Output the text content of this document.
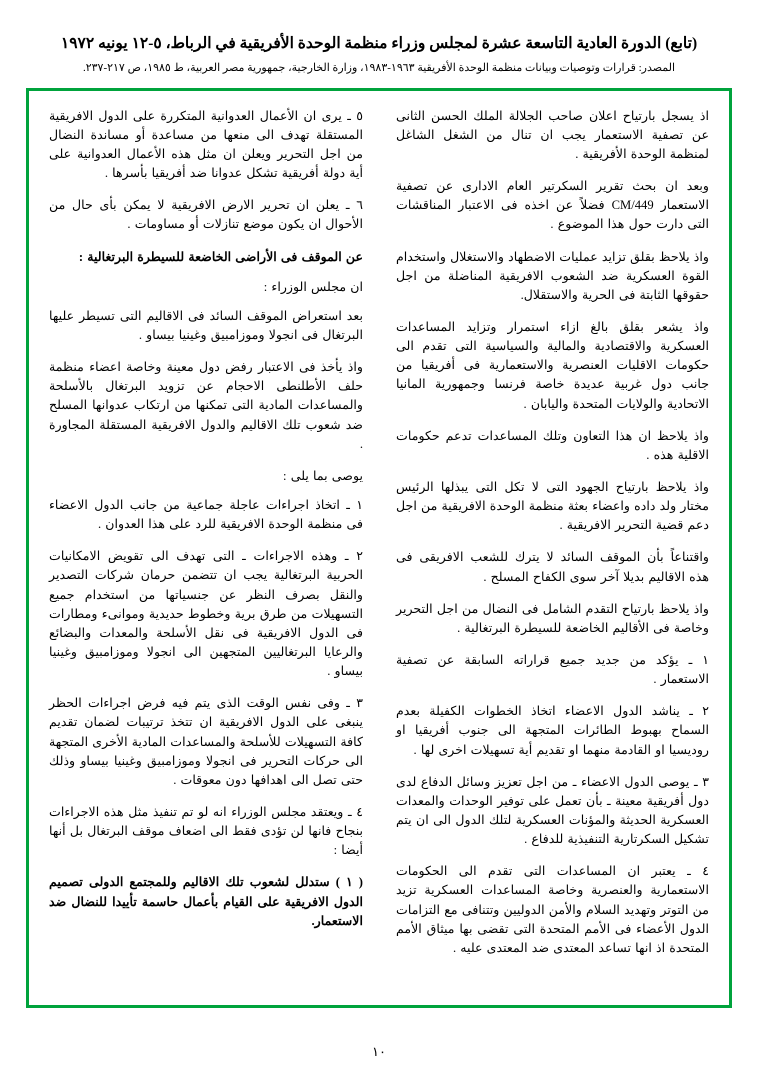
(تابع) الدورة العادية التاسعة عشرة لمجلس وزراء منظمة الوحدة الأفريقية في الرباط، ٥-١٢ يونيه ١٩٧٢
المصدر: قرارات وتوصيات وبيانات منظمة الوحدة الأفريقية ١٩٦٣-١٩٨٣، وزارة الخارجية، جمهورية مصر العربية، ط ١٩٨٥، ص ٢١٧-٢٣٧.

اذ يسجل بارتياح اعلان صاحب الجلالة الملك الحسن الثانى عن تصفية الاستعمار يجب ان تنال من الشغل الشاغل لمنظمة الوحدة الأفريقية .

وبعد ان بحث تقرير السكرتير العام الادارى عن تصفية الاستعمار CM/449 فضلاً عن اخذه فى الاعتبار المناقشات التى دارت حول هذا الموضوع .

واذ يلاحظ بقلق تزايد عمليات الاضطهاد والاستغلال واستخدام القوة العسكرية ضد الشعوب الافريقية المناضلة من اجل حقوقها الثابتة فى الحرية والاستقلال.

واذ يشعر بقلق بالغ ازاء استمرار وتزايد المساعدات العسكرية والاقتصادية والمالية والسياسية التى تقدم الى حكومات الاقليات العنصرية والاستعمارية فى أفريقيا من جانب دول غربية عديدة خاصة فرنسا وجمهورية المانيا الاتحادية والولايات المتحدة واليابان .

واذ يلاحظ ان هذا التعاون وتلك المساعدات تدعم حكومات الاقلية هذه .

واذ يلاحظ بارتياح الجهود التى لا تكل التى يبذلها الرئيس مختار ولد داده واعضاء بعثة منظمة الوحدة الافريقية من اجل دعم قضية التحرير الافريقية .

واقتناعاً بأن الموقف السائد لا يترك للشعب الافريقى فى هذه الاقاليم بديلا آخر سوى الكفاح المسلح .

واذ يلاحظ بارتياح التقدم الشامل فى النضال من اجل التحرير وخاصة فى الأقاليم الخاضعة للسيطرة البرتغالية .

١ ـ يؤكد من جديد جميع قراراته السابقة عن تصفية الاستعمار .

٢ ـ يناشد الدول الاعضاء اتخاذ الخطوات الكفيلة بعدم السماح بهبوط الطائرات المتجهة الى جنوب أفريقيا او روديسيا او القادمة منهما او تقديم أية تسهيلات اخرى لها .

٣ ـ يوصى الدول الاعضاء ـ من اجل تعزيز وسائل الدفاع لدى دول أفريقية معينة ـ بأن تعمل على توفير الوحدات والمعدات العسكرية الحديثة والمؤنات العسكرية لتلك الدول الى ان يتم تشكيل السكرتارية التنفيذية للدفاع .

٤ ـ يعتبر ان المساعدات التى تقدم الى الحكومات الاستعمارية والعنصرية وخاصة المساعدات العسكرية تزيد من التوتر وتهديد السلام والأمن الدوليين وتتنافى مع التزامات الدول الأعضاء فى الأمم المتحدة التى تقضى بها ميثاق الأمم المتحدة اذ انها تساعد المعتدى ضد المعتدى عليه .

٥ ـ يرى ان الأعمال العدوانية المتكررة على الدول الافريقية المستقلة تهدف الى منعها من مساعدة أو مساندة النضال من اجل التحرير ويعلن ان مثل هذه الأعمال العدوانية على أية دولة أفريقية تشكل عدوانا ضد أفريقيا بأسرها .

٦ ـ يعلن ان تحرير الارض الافريقية لا يمكن بأى حال من الأحوال ان يكون موضع تنازلات أو مساومات .

عن الموقف فى الأراضى الخاضعة للسيطرة البرتغالية :

ان مجلس الوزراء :

بعد استعراض الموقف السائد فى الاقاليم التى تسيطر عليها البرتغال فى انجولا وموزامبيق وغينيا بيساو .

واذ يأخذ فى الاعتبار رفض دول معينة وخاصة اعضاء منظمة حلف الأطلنطى الاحجام عن تزويد البرتغال بالأسلحة والمساعدات المادية التى تمكنها من ارتكاب عدوانها المسلح ضد شعوب تلك الاقاليم والدول الافريقية المستقلة المجاورة .

يوصى بما يلى :

١ ـ اتخاذ اجراءات عاجلة جماعية من جانب الدول الاعضاء فى منظمة الوحدة الافريقية للرد على هذا العدوان .

٢ ـ وهذه الاجراءات ـ التى تهدف الى تقويض الامكانيات الحربية البرتغالية يجب ان تتضمن حرمان شركات التصدير والنقل بصرف النظر عن جنسياتها من استخدام جميع التسهيلات من طرق برية وخطوط حديدية وموانىء ومطارات فى الدول الافريقية فى نقل الأسلحة والمعدات والبضائع والرعايا البرتغاليين المتجهين الى انجولا وموزامبيق وغينيا بيساو .

٣ ـ وفى نفس الوقت الذى يتم فيه فرض اجراءات الحظر ينبغى على الدول الافريقية ان تتخذ ترتيبات لضمان تقديم كافة التسهيلات للأسلحة والمساعدات المادية الأخرى المتجهة الى حركات التحرير فى انجولا وموزامبيق وغينيا بيساو وذلك حتى تصل الى اهدافها دون معوقات .

٤ ـ ويعتقد مجلس الوزراء انه لو تم تنفيذ مثل هذه الاجراءات بنجاح فانها لن تؤدى فقط الى اضعاف موقف البرتغال بل أنها أيضا :

( ١ ) ستدلل لشعوب تلك الاقاليم وللمجتمع الدولى تصميم الدول الافريقية على القيام بأعمال حاسمة تأييدا للنضال ضد الاستعمار.

١٠
